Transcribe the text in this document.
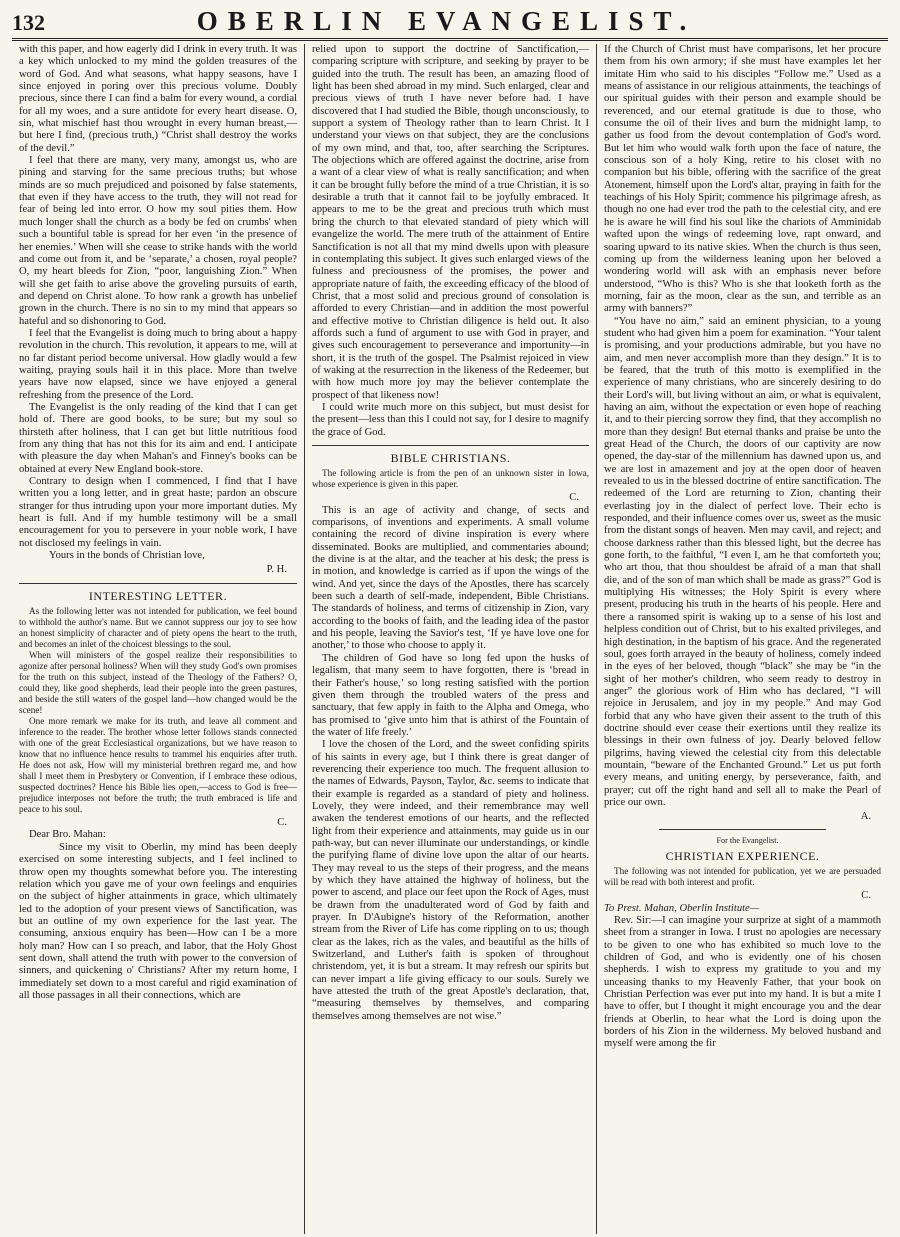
132	OBERLIN EVANGELIST.

with this paper, and how eagerly did I drink in every truth. It was a key which unlocked to my mind the golden treasures of the word of God. And what seasons, what happy seasons, have I since enjoyed in poring over this precious volume. Doubly precious, since there I can find a balm for every wound, a cordial for all my woes, and a sure antidote for every heart disease. O, sin, what mischief hast thou wrought in every human breast,—but here I find, (precious truth,) “Christ shall destroy the works of the devil.”

I feel that there are many, very many, amongst us, who are pining and starving for the same precious truths; but whose minds are so much prejudiced and poisoned by false statements, that even if they have access to the truth, they will not read for fear of being led into error. O how my soul pities them. How much longer shall the church as a body be fed on crumbs' when such a bountiful table is spread for her even ‘in the presence of her enemies.’ When will she cease to strike hands with the world and come out from it, and be ‘separate,’ a chosen, royal people? O, my heart bleeds for Zion, “poor, languishing Zion.” When will she get faith to arise above the groveling pursuits of earth, and depend on Christ alone. To how rank a growth has unbelief grown in the church. There is no sin to my mind that appears so hateful and so dishonoring to God.

I feel that the Evangelist is doing much to bring about a happy revolution in the church. This revolution, it appears to me, will at no far distant period become universal. How gladly would a few waiting, praying souls hail it in this place. More than twelve years have now elapsed, since we have enjoyed a general refreshing from the presence of the Lord.

The Evangelist is the only reading of the kind that I can get hold of. There are good books, to be sure; but my soul so thirsteth after holiness, that I can get but little nutritious food from any thing that has not this for its aim and end. I anticipate with pleasure the day when Mahan's and Finney's books can be obtained at every New England book-store.

Contrary to design when I commenced, I find that I have written you a long letter, and in great haste; pardon an obscure stranger for thus intruding upon your more important duties. My heart is full. And if my humble testimony will be a small encouragement for you to persevere in your noble work, I have not disclosed my feelings in vain.

Yours in the bonds of Christian love,

P. H.
INTERESTING LETTER.

As the following letter was not intended for publication, we feel bound to withhold the author's name. But we cannot suppress our joy to see how an honest simplicity of character and of piety opens the heart to the truth, and becomes an inlet of the choicest blessings to the soul.

When will ministers of the gospel realize their responsibilities to agonize after personal holiness? When will they study God's own promises for the truth on this subject, instead of the Theology of the Fathers? O, could they, like good shepherds, lead their people into the green pastures, and beside the still waters of the gospel land—how changed would be the scene!

One more remark we make for its truth, and leave all comment and inference to the reader. The brother whose letter follows stands connected with one of the great Ecclesiastical organizations, but we have reason to know that no influence hence results to trammel his enquiries after truth. He does not ask, How will my ministerial brethren regard me, and how shall I meet them in Presbytery or Convention, if I embrace these odious, suspected doctrines? Hence his Bible lies open,—access to God is free—prejudice interposes not before the truth; the truth embraced is life and peace to his soul.

C.

Dear Bro. Mahan:

Since my visit to Oberlin, my mind has been deeply exercised on some interesting subjects, and I feel inclined to throw open my thoughts somewhat before you. The interesting relation which you gave me of your own feelings and enquiries on the subject of higher attainments in grace, which ultimately led to the adoption of your present views of Sanctification, was but an outline of my own experience for the last year. The consuming, anxious enquiry has been—How can I be a more holy man? How can I so preach, and labor, that the Holy Ghost sent down, shall attend the truth with power to the conversion of sinners, and quickening o' Christians? After my return home, I immediately set down to a most careful and rigid examination of all those passages in all their connections, which are

relied upon to support the doctrine of Sanctification,—comparing scripture with scripture, and seeking by prayer to be guided into the truth. The result has been, an amazing flood of light has been shed abroad in my mind. Such enlarged, clear and precious views of truth I have never before had. I have discovered that I had studied the Bible, though unconsciously, to support a system of Theology rather than to learn Christ. It I understand your views on that subject, they are the conclusions of my own mind, and that, too, after searching the Scriptures. The objections which are offered against the doctrine, arise from a want of a clear view of what is really sanctification; and when it can be brought fully before the mind of a true Christian, it is so desirable a truth that it cannot fail to be joyfully embraced. It appears to me to be the great and precious truth which must bring the church to that elevated standard of piety which will evangelize the world. The mere truth of the attainment of Entire Sanctification is not all that my mind dwells upon with pleasure in contemplating this subject. It gives such enlarged views of the fulness and preciousness of the promises, the power and appropriate nature of faith, the exceeding efficacy of the blood of Christ, that a most solid and precious ground of consolation is afforded to every Christian—and in addition the most powerful and effective motive to Christian diligence is held out. It also affords such a fund of argument to use with God in prayer, and gives such encouragement to perseverance and importunity—in short, it is the truth of the gospel. The Psalmist rejoiced in view of waking at the resurrection in the likeness of the Redeemer, but with how much more joy may the believer contemplate the prospect of that likeness now!

I could write much more on this subject, but must desist for the present—less than this I could not say, for I desire to magnify the grace of God.

BIBLE CHRISTIANS.

The following article is from the pen of an unknown sister in Iowa, whose experience is given in this paper.

C.

This is an age of activity and change, of sects and comparisons, of inventions and experiments. A small volume containing the record of divine inspiration is every where disseminated. Books are multiplied, and commentaries abound; the divine is at the altar, and the teacher at his desk; the press is in motion, and knowledge is carried as if upon the wings of the wind. And yet, since the days of the Apostles, there has scarcely been such a dearth of self-made, independent, Bible Christians. The standards of holiness, and terms of citizenship in Zion, vary according to the books of faith, and the leading idea of the pastor and his people, leaving the Savior's test, ‘If ye have love one for another,’ to those who choose to apply it.

The children of God have so long fed upon the husks of legalism, that many seem to have forgotten, there is ‘bread in their Father's house,’ so long resting satisfied with the portion given them through the troubled waters of the press and sanctuary, that few apply in faith to the Alpha and Omega, who has promised to ‘give unto him that is athirst of the Fountain of the water of life freely.’

I love the chosen of the Lord, and the sweet confiding spirits of his saints in every age, but I think there is great danger of reverencing their experience too much. The frequent allusion to the names of Edwards, Payson, Taylor, &c. seems to indicate that their example is regarded as a standard of piety and holiness. Lovely, they were indeed, and their remembrance may well awaken the tenderest emotions of our hearts, and the reflected light from their experience and attainments, may guide us in our path-way, but can never illuminate our understandings, or kindle the purifying flame of divine love upon the altar of our hearts. They may reveal to us the steps of their progress, and the means by which they have attained the highway of holiness, but the power to ascend, and place our feet upon the Rock of Ages, must be drawn from the unadulterated word of God by faith and prayer. In D'Aubigne's history of the Reformation, another stream from the River of Life has come rippling on to us; though clear as the lakes, rich as the vales, and beautiful as the hills of Switzerland, and Luther's faith is spoken of throughout christendom, yet, it is but a stream. It may refresh our spirits but can never impart a life giving efficacy to our souls. Surely we have attested the truth of the great Apostle's declaration, that, “measuring themselves by themselves, and comparing themselves among themselves are not wise.”

If the Church of Christ must have comparisons, let her procure them from his own armory; if she must have examples let her imitate Him who said to his disciples “Follow me.” Used as a means of assistance in our religious attainments, the teachings of our spiritual guides with their person and example should be reverenced, and our eternal gratitude is due to those, who consume the oil of their lives and burn the midnight lamp, to gather us food from the devout contemplation of God's word. But let him who would walk forth upon the face of nature, the conscious son of a holy King, retire to his closet with no companion but his bible, offering with the sacrifice of the great Atonement, himself upon the Lord's altar, praying in faith for the teachings of his Holy Spirit; commence his pilgrimage afresh, as though no one had ever trod the path to the celestial city, and ere he is aware he will find his soul like the chariots of Amminidab wafted upon the wings of redeeming love, rapt onward, and soaring upward to its native skies. When the church is thus seen, coming up from the wilderness leaning upon her beloved a wondering world will ask with an emphasis never before understood, “Who is this? Who is she that looketh forth as the morning, fair as the moon, clear as the sun, and terrible as an army with banners?”

“You have no aim,” said an eminent physician, to a young student who had given him a poem for examination. “Your talent is promising, and your productions admirable, but you have no aim, and men never accomplish more than they design.” It is to be feared, that the truth of this motto is exemplified in the experience of many christians, who are sincerely desiring to do their Lord's will, but living without an aim, or what is equivalent, having an aim, without the expectation or even hope of reaching it, and to their piercing sorrow they find, that they accomplish no more than they design! But eternal thanks and praise be unto the great Head of the Church, the doors of our captivity are now opened, the day-star of the millennium has dawned upon us, and we are lost in amazement and joy at the open door of heaven revealed to us in the blessed doctrine of entire sanctification. The redeemed of the Lord are returning to Zion, chanting their everlasting joy in the dialect of perfect love. Their echo is responded, and their influence comes over us, sweet as the music from the distant songs of heaven. Men may cavil, and reject; and choose darkness rather than this blessed light, but the decree has gone forth, to the faithful, “I even I, am he that comforteth you; who art thou, that thou shouldest be afraid of a man that shall die, and of the son of man which shall be made as grass?” God is multiplying His witnesses; the Holy Spirit is every where present, producing his truth in the hearts of his people. Here and there a ransomed spirit is waking up to a sense of his lost and helpless condition out of Christ, but to his exalted privileges, and high destination, in the baptism of his grace. And the regenerated soul, goes forth arrayed in the beauty of holiness, comely indeed in the eyes of her beloved, though “black” she may be “in the sight of her mother's children, who seem ready to destroy in anger” the glorious work of Him who has declared, “I will rejoice in Jerusalem, and joy in my people.” And may God forbid that any who have given their assent to the truth of this doctrine should ever cease their exertions until they realize its blessings in their own fulness of joy. Dearly beloved fellow pilgrims, having viewed the celestial city from this delectable mountain, “beware of the Enchanted Ground.” Let us put forth every means, and uniting energy, by perseverance, faith, and prayer; cut off the right hand and sell all to make the Pearl of price our own.

A.

For the Evangelist.

CHRISTIAN EXPERIENCE.

The following was not intended for publication, yet we are persuaded will be read with both interest and profit.

C.

To Prest. Mahan, Oberlin Institute—

Rev. Sir:—I can imagine your surprize at sight of a mammoth sheet from a stranger in Iowa. I trust no apologies are necessary to be given to one who has exhibited so much love to the children of God, and who is evidently one of his chosen shepherds. I wish to express my gratitude to you and my unceasing thanks to my Heavenly Father, that your book on Christian Perfection was ever put into my hand. It is but a mite I have to offer, but I thought it might encourage you and the dear friends at Oberlin, to hear what the Lord is doing upon the borders of his Zion in the wilderness. My beloved husband and myself were among the fir
